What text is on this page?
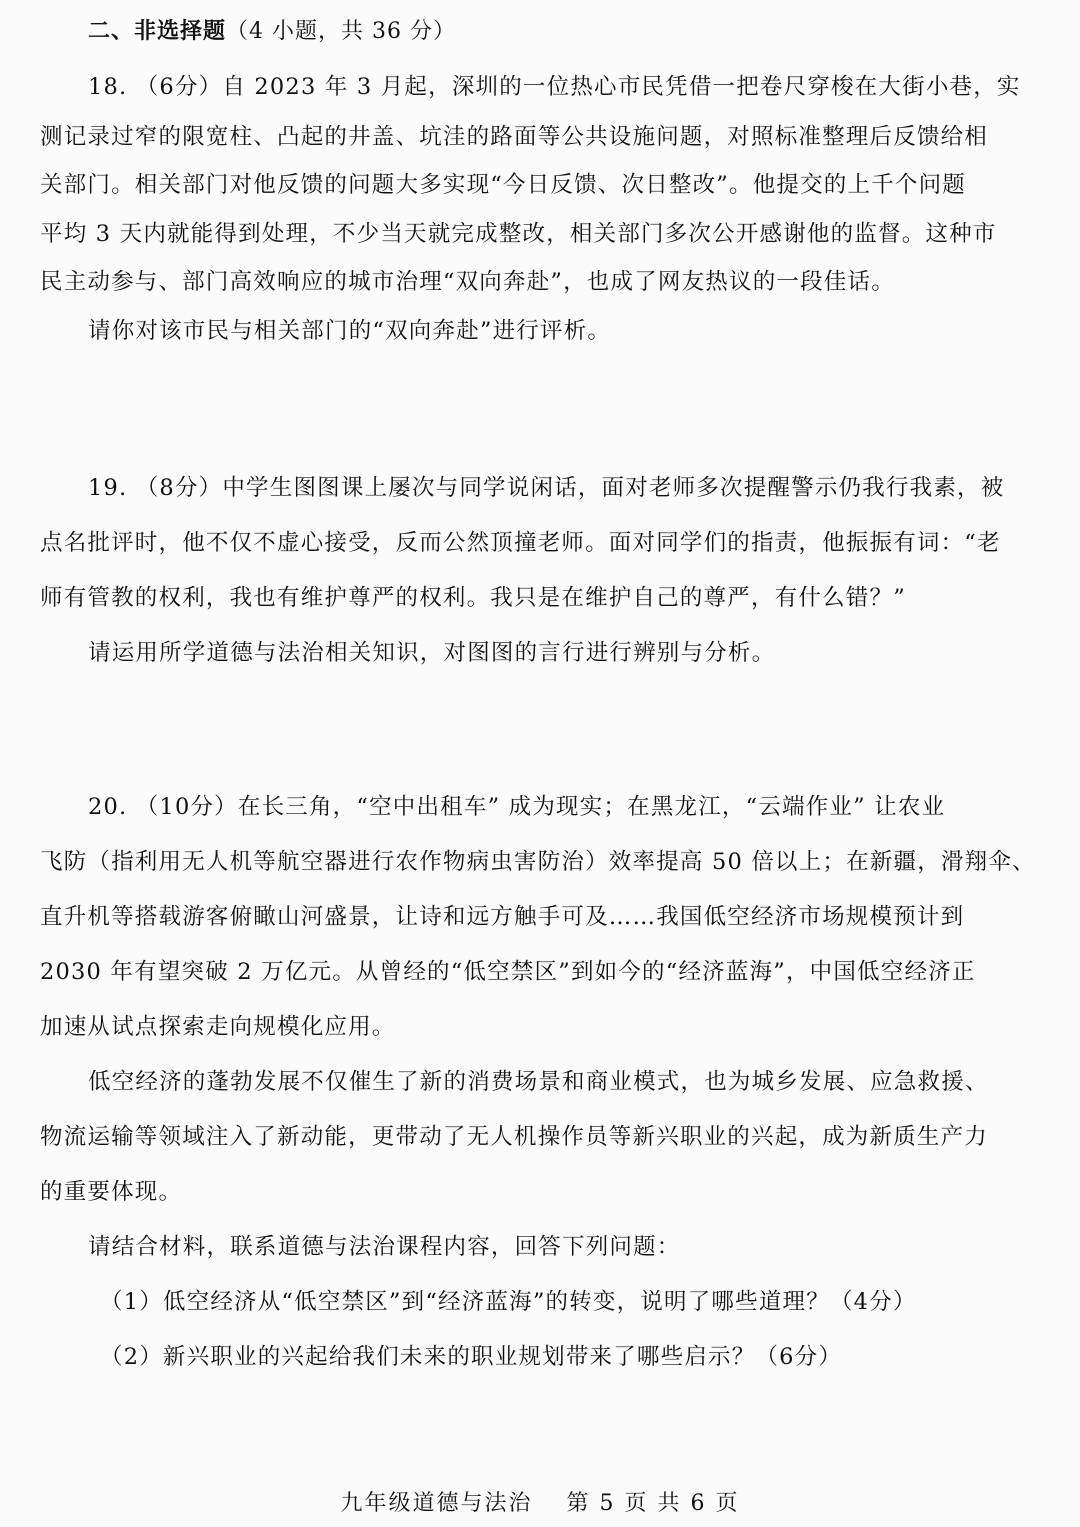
二、非选择题（4 小题，共 36 分）
18. （6分）自 2023 年 3 月起，深圳的一位热心市民凭借一把卷尺穿梭在大街小巷，实
测记录过窄的限宽柱、凸起的井盖、坑洼的路面等公共设施问题，对照标准整理后反馈给相
关部门。相关部门对他反馈的问题大多实现“今日反馈、次日整改”。他提交的上千个问题
平均 3 天内就能得到处理，不少当天就完成整改，相关部门多次公开感谢他的监督。这种市
民主动参与、部门高效响应的城市治理“双向奔赴”，也成了网友热议的一段佳话。
请你对该市民与相关部门的“双向奔赴”进行评析。
19. （8分）中学生图图课上屡次与同学说闲话，面对老师多次提醒警示仍我行我素，被
点名批评时，他不仅不虚心接受，反而公然顶撞老师。面对同学们的指责，他振振有词：“老
师有管教的权利，我也有维护尊严的权利。我只是在维护自己的尊严，有什么错？”
请运用所学道德与法治相关知识，对图图的言行进行辨别与分析。
20. （10分）在长三角，“空中出租车” 成为现实；在黑龙江，“云端作业” 让农业
飞防（指利用无人机等航空器进行农作物病虫害防治）效率提高 50 倍以上；在新疆，滑翔伞、
直升机等搭载游客俯瞰山河盛景，让诗和远方触手可及……我国低空经济市场规模预计到
2030 年有望突破 2 万亿元。从曾经的“低空禁区”到如今的“经济蓝海”，中国低空经济正
加速从试点探索走向规模化应用。
低空经济的蓬勃发展不仅催生了新的消费场景和商业模式，也为城乡发展、应急救援、
物流运输等领域注入了新动能，更带动了无人机操作员等新兴职业的兴起，成为新质生产力
的重要体现。
请结合材料，联系道德与法治课程内容，回答下列问题：
（1）低空经济从“低空禁区”到“经济蓝海”的转变，说明了哪些道理？（4分）
（2）新兴职业的兴起给我们未来的职业规划带来了哪些启示？（6分）
九年级道德与法治 第 5 页 共 6 页
